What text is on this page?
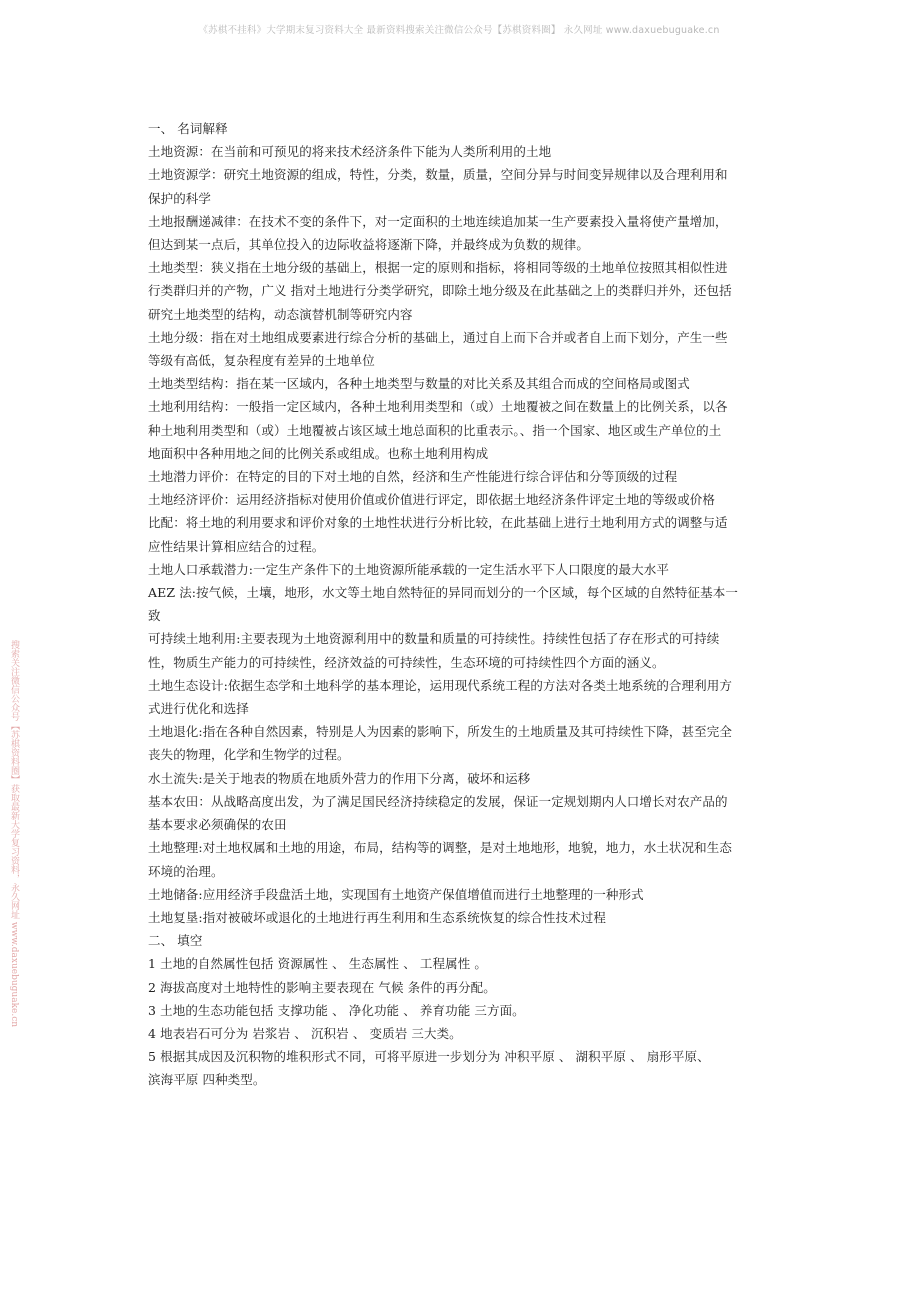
《苏棋不挂科》大学期末复习资料大全 最新资料搜索关注微信公众号【苏棋资料圈】 永久网址 www.daxuebuguake.cn
搜索关注微信公众号【苏棋资料圈】获取最新大学复习资料，永久网址 www.daxuebuguake.cn
一、 名词解释
土地资源：在当前和可预见的将来技术经济条件下能为人类所利用的土地
土地资源学：研究土地资源的组成，特性，分类，数量，质量，空间分异与时间变异规律以及合理利用和
保护的科学
土地报酬递减律：在技术不变的条件下，对一定面积的土地连续追加某一生产要素投入量将使产量增加，
但达到某一点后，其单位投入的边际收益将逐渐下降，并最终成为负数的规律。
土地类型：狭义指在土地分级的基础上，根据一定的原则和指标，将相同等级的土地单位按照其相似性进
行类群归并的产物，广义 指对土地进行分类学研究，即除土地分级及在此基础之上的类群归并外，还包括
研究土地类型的结构，动态演替机制等研究内容
土地分级：指在对土地组成要素进行综合分析的基础上，通过自上而下合并或者自上而下划分，产生一些
等级有高低，复杂程度有差异的土地单位
土地类型结构：指在某一区域内，各种土地类型与数量的对比关系及其组合而成的空间格局或图式
土地利用结构：一般指一定区域内，各种土地利用类型和（或）土地覆被之间在数量上的比例关系，以各
种土地利用类型和（或）土地覆被占该区域土地总面积的比重表示。、指一个国家、地区或生产单位的土
地面积中各种用地之间的比例关系或组成。也称土地利用构成
土地潜力评价：在特定的目的下对土地的自然，经济和生产性能进行综合评估和分等顶级的过程
土地经济评价：运用经济指标对使用价值或价值进行评定，即依据土地经济条件评定土地的等级或价格
比配：将土地的利用要求和评价对象的土地性状进行分析比较，在此基础上进行土地利用方式的调整与适
应性结果计算相应结合的过程。
土地人口承载潜力:一定生产条件下的土地资源所能承载的一定生活水平下人口限度的最大水平
AEZ 法:按气候，土壤，地形，水文等土地自然特征的异同而划分的一个区域，每个区域的自然特征基本一
致
可持续土地利用:主要表现为土地资源利用中的数量和质量的可持续性。持续性包括了存在形式的可持续
性，物质生产能力的可持续性，经济效益的可持续性，生态环境的可持续性四个方面的涵义。
土地生态设计:依据生态学和土地科学的基本理论，运用现代系统工程的方法对各类土地系统的合理利用方
式进行优化和选择
土地退化:指在各种自然因素，特别是人为因素的影响下，所发生的土地质量及其可持续性下降，甚至完全
丧失的物理，化学和生物学的过程。
水土流失:是关于地表的物质在地质外营力的作用下分离，破坏和运移
基本农田：从战略高度出发，为了满足国民经济持续稳定的发展，保证一定规划期内人口增长对农产品的
基本要求必须确保的农田
土地整理:对土地权属和土地的用途，布局，结构等的调整，是对土地地形，地貌，地力，水土状况和生态
环境的治理。
土地储备:应用经济手段盘活土地，实现国有土地资产保值增值而进行土地整理的一种形式
土地复垦:指对被破坏或退化的土地进行再生利用和生态系统恢复的综合性技术过程
二、 填空
1 土地的自然属性包括 资源属性 、 生态属性 、 工程属性 。
2 海拔高度对土地特性的影响主要表现在 气候 条件的再分配。
3 土地的生态功能包括 支撑功能 、 净化功能 、 养育功能 三方面。
4 地表岩石可分为 岩浆岩 、 沉积岩 、 变质岩 三大类。
5 根据其成因及沉积物的堆积形式不同，可将平原进一步划分为 冲积平原 、 湖积平原 、 扇形平原、
滨海平原 四种类型。
